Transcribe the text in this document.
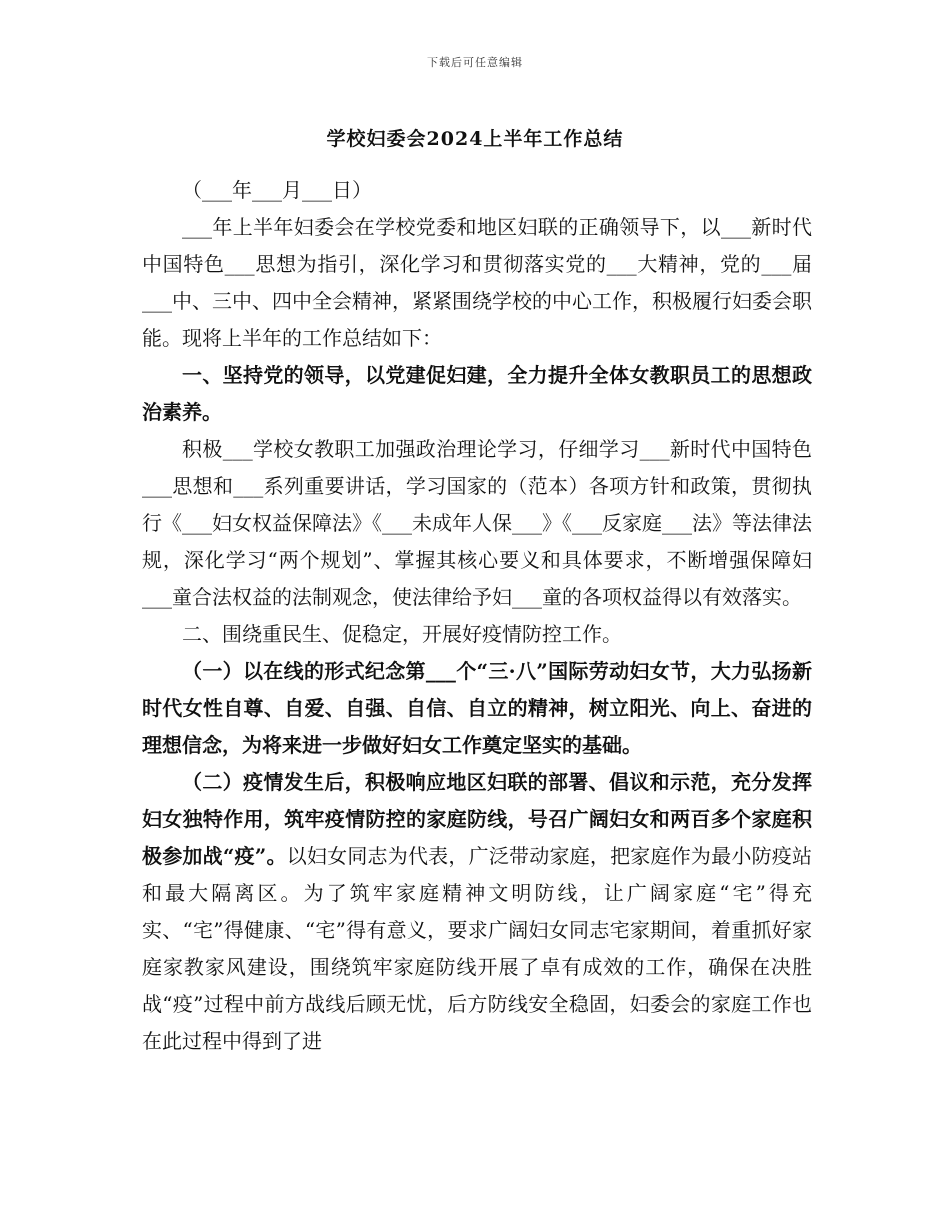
下载后可任意编辑
学校妇委会2024上半年工作总结

（___年___月___日）

___年上半年妇委会在学校党委和地区妇联的正确领导下，以___新时代中国特色___思想为指引，深化学习和贯彻落实党的___大精神，党的___届___中、三中、四中全会精神，紧紧围绕学校的中心工作，积极履行妇委会职能。现将上半年的工作总结如下：

一、坚持党的领导，以党建促妇建，全力提升全体女教职员工的思想政治素养。

积极___学校女教职工加强政治理论学习，仔细学习___新时代中国特色___思想和___系列重要讲话，学习国家的（范本）各项方针和政策，贯彻执行《___妇女权益保障法》《___未成年人保___》《___反家庭___法》等法律法规，深化学习“两个规划”、掌握其核心要义和具体要求，不断增强保障妇___童合法权益的法制观念，使法律给予妇___童的各项权益得以有效落实。

二、围绕重民生、促稳定，开展好疫情防控工作。

（一）以在线的形式纪念第___个“三·八”国际劳动妇女节，大力弘扬新时代女性自尊、自爱、自强、自信、自立的精神，树立阳光、向上、奋进的理想信念，为将来进一步做好妇女工作奠定坚实的基础。

（二）疫情发生后，积极响应地区妇联的部署、倡议和示范，充分发挥妇女独特作用，筑牢疫情防控的家庭防线，号召广阔妇女和两百多个家庭积极参加战“疫”。以妇女同志为代表，广泛带动家庭，把家庭作为最小防疫站和最大隔离区。为了筑牢家庭精神文明防线，让广阔家庭“宅”得充实、“宅”得健康、“宅”得有意义，要求广阔妇女同志宅家期间，着重抓好家庭家教家风建设，围绕筑牢家庭防线开展了卓有成效的工作，确保在决胜战“疫”过程中前方战线后顾无忧，后方防线安全稳固，妇委会的家庭工作也在此过程中得到了进
